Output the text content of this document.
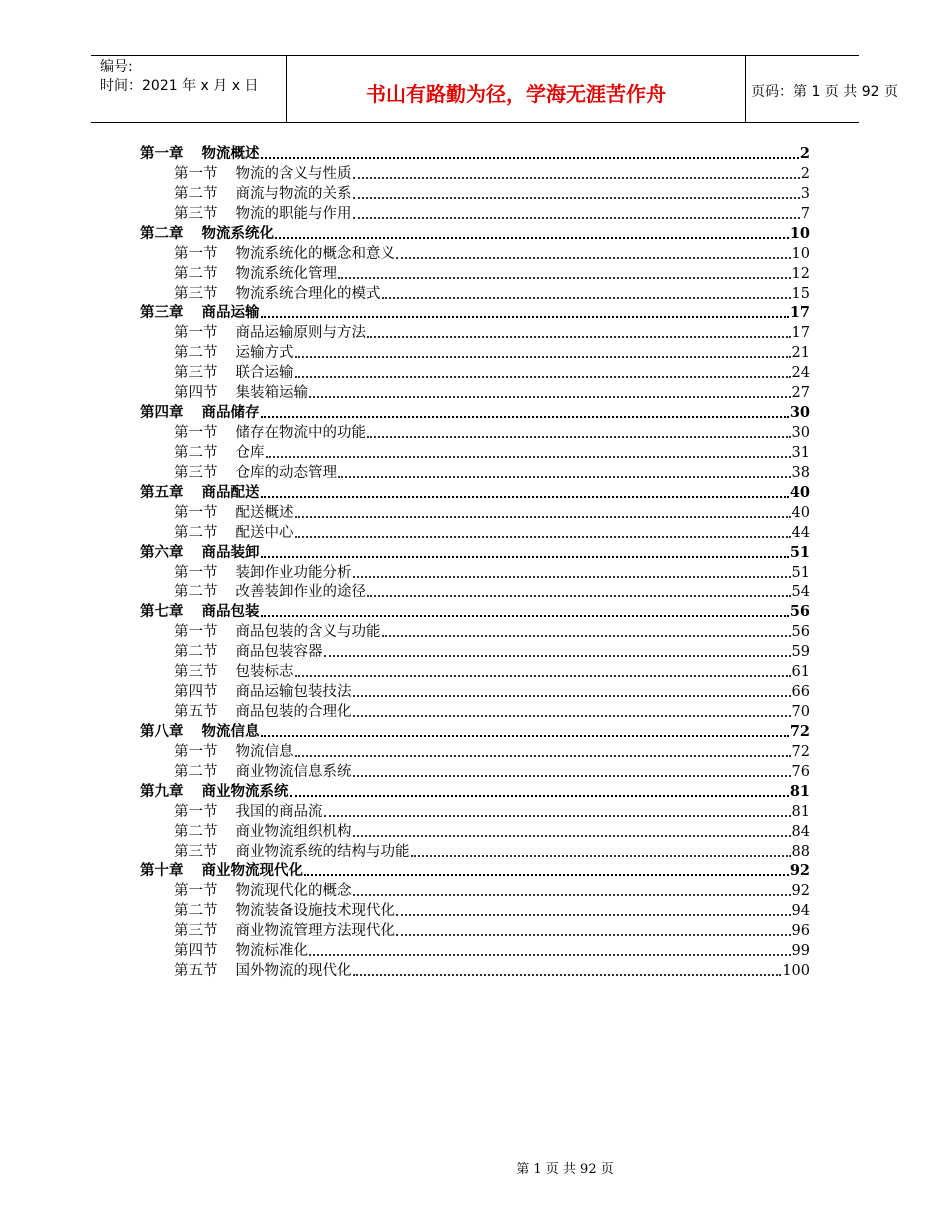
编号:
时间：2021 年 x 月 x 日	书山有路勤为径，学海无涯苦作舟	页码：第 1 页 共 92 页
第一章 物流概述	2
第一节 物流的含义与性质	2
第二节 商流与物流的关系	3
第三节 物流的职能与作用	7
第二章 物流系统化	10
第一节 物流系统化的概念和意义	10
第二节 物流系统化管理	12
第三节 物流系统合理化的模式	15
第三章 商品运输	17
第一节 商品运输原则与方法	17
第二节 运输方式	21
第三节 联合运输	24
第四节 集装箱运输	27
第四章 商品储存	30
第一节 储存在物流中的功能	30
第二节 仓库	31
第三节 仓库的动态管理	38
第五章 商品配送	40
第一节 配送概述	40
第二节 配送中心	44
第六章 商品装卸	51
第一节 装卸作业功能分析	51
第二节 改善装卸作业的途径	54
第七章 商品包装	56
第一节 商品包装的含义与功能	56
第二节 商品包装容器	59
第三节 包装标志	61
第四节 商品运输包装技法	66
第五节 商品包装的合理化	70
第八章 物流信息	72
第一节 物流信息	72
第二节 商业物流信息系统	76
第九章 商业物流系统	81
第一节 我国的商品流	81
第二节 商业物流组织机构	84
第三节 商业物流系统的结构与功能	88
第十章 商业物流现代化	92
第一节 物流现代化的概念	92
第二节 物流装备设施技术现代化	94
第三节 商业物流管理方法现代化	96
第四节 物流标准化	99
第五节 国外物流的现代化	100
第 1 页 共 92 页
